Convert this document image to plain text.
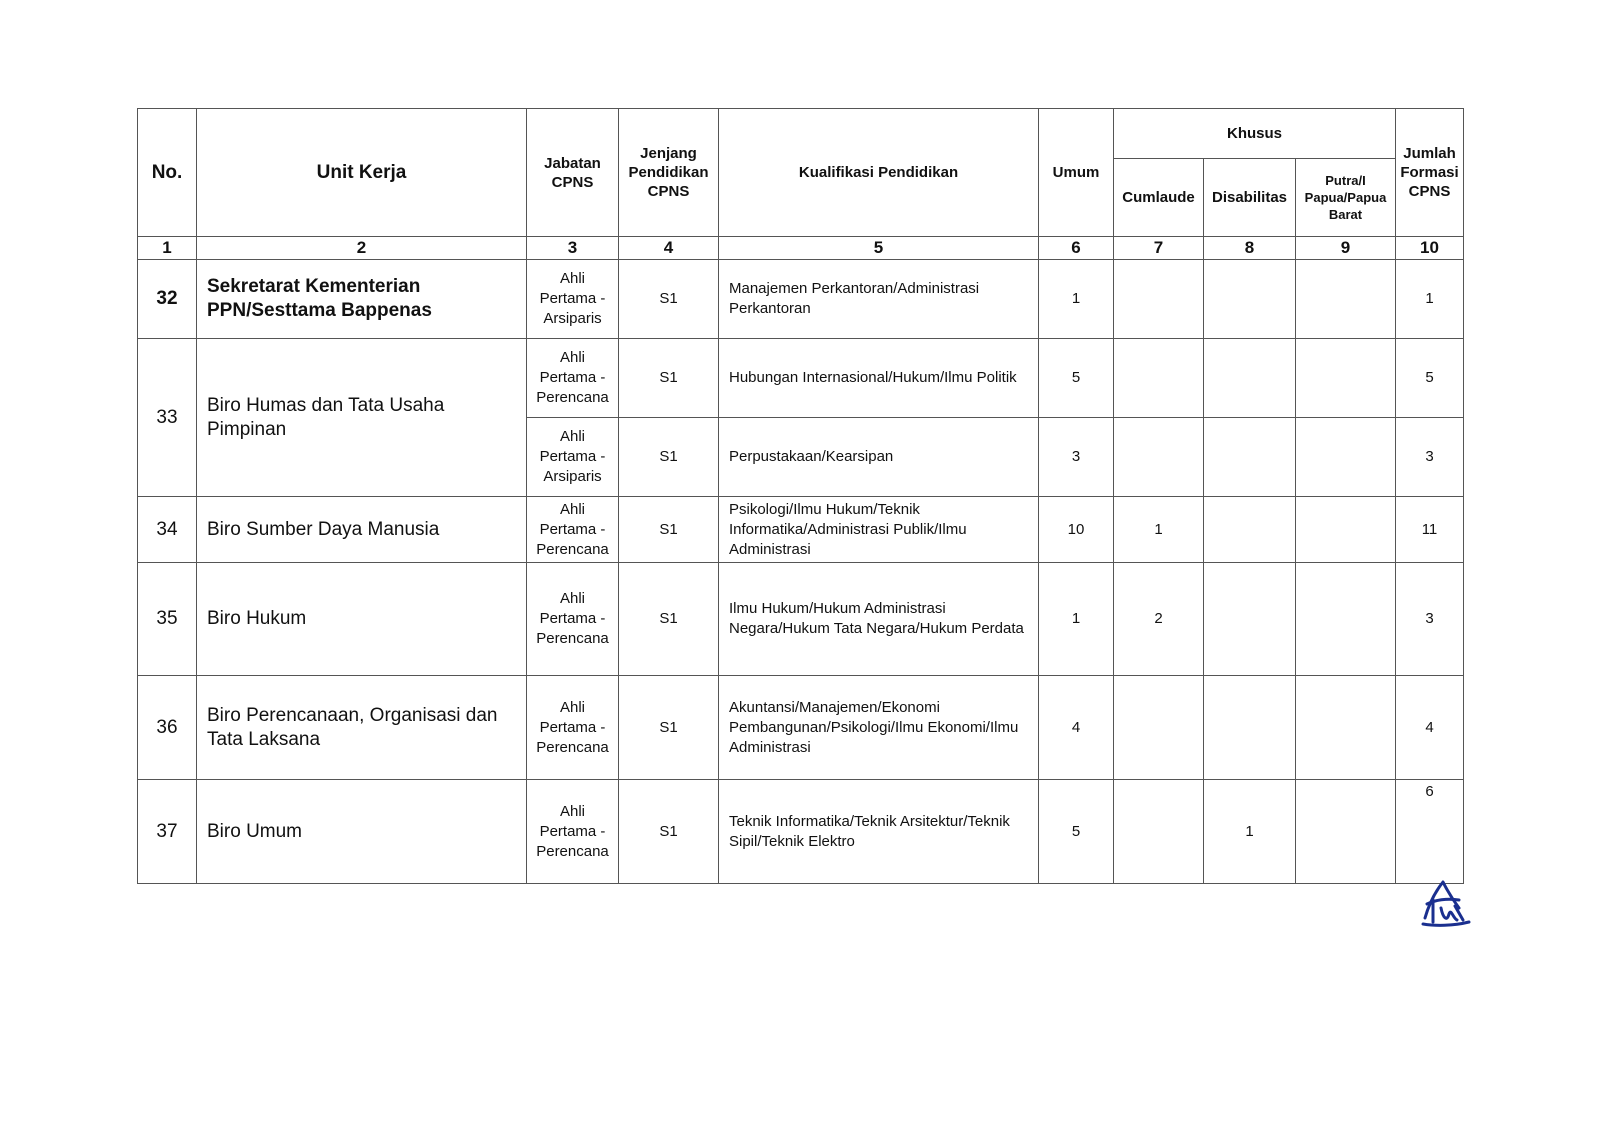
No.	Unit Kerja	Jabatan CPNS	Jenjang Pendidikan CPNS	Kualifikasi Pendidikan	Umum	Khusus			Jumlah Formasi CPNS
						Cumlaude	Disabilitas	Putra/I Papua/Papua Barat	
1	2	3	4	5	6	7	8	9	10
32	Sekretarat Kementerian PPN/Sesttama Bappenas	Ahli Pertama - Arsiparis	S1	Manajemen Perkantoran/Administrasi Perkantoran	1				1
33	Biro Humas dan Tata Usaha Pimpinan	Ahli Pertama - Perencana	S1	Hubungan Internasional/Hukum/Ilmu Politik	5				5
		Ahli Pertama - Arsiparis	S1	Perpustakaan/Kearsipan	3				3
34	Biro Sumber Daya Manusia	Ahli Pertama - Perencana	S1	Psikologi/Ilmu Hukum/Teknik Informatika/Administrasi Publik/Ilmu Administrasi	10	1			11
35	Biro Hukum	Ahli Pertama - Perencana	S1	Ilmu Hukum/Hukum Administrasi Negara/Hukum Tata Negara/Hukum Perdata	1	2			3
36	Biro Perencanaan, Organisasi dan Tata Laksana	Ahli Pertama - Perencana	S1	Akuntansi/Manajemen/Ekonomi Pembangunan/Psikologi/Ilmu Ekonomi/Ilmu Administrasi	4				4
37	Biro Umum	Ahli Pertama - Perencana	S1	Teknik Informatika/Teknik Arsitektur/Teknik Sipil/Teknik Elektro	5		1		6
